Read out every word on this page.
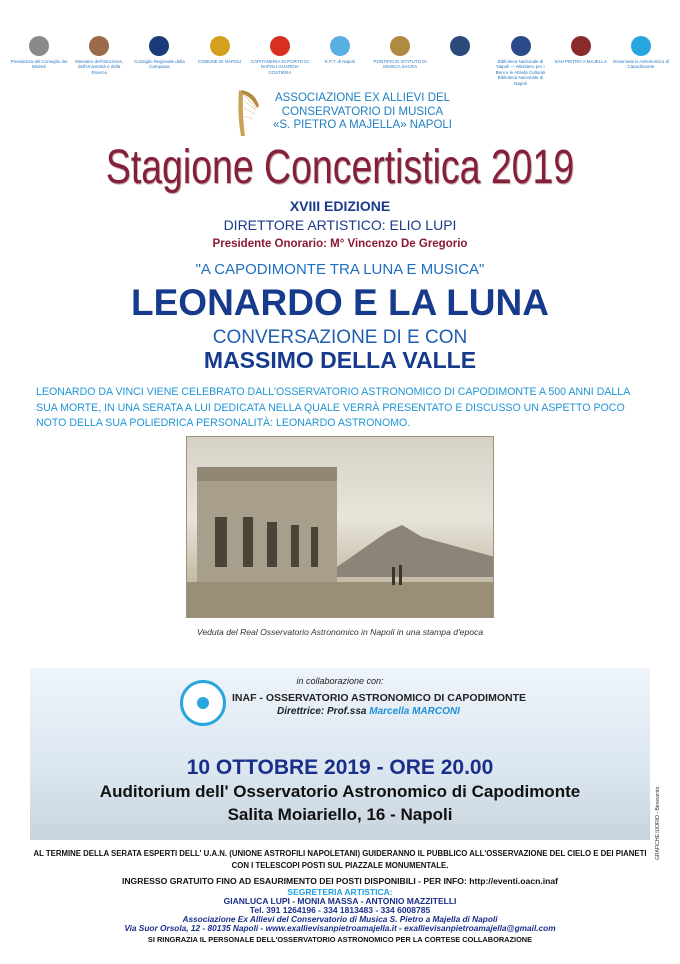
Presidenza del Consiglio dei Ministri
Ministero dell'Istruzione, dell'Università e della Ricerca
Consiglio Regionale della Campania
COMUNE DI NAPOLI CAPITANERIA DI PORTO DI NAPOLI GUARDIA COSTIERA
E.P.T. di Napoli	PONTIFICIO ISTITUTO DI MUSICA SACRA
Biblioteca Nazionale di Napoli — Ministero per i Beni e le Attività Culturali Biblioteca Nazionale di Napoli
SAN PIETRO A MAJELLA Osservatorio Astronomico di Capodimonte
ASSOCIAZIONE EX ALLIEVI DEL
CONSERVATORIO DI MUSICA
«S. PIETRO A MAJELLA» NAPOLI
Stagione Concertistica 2019
XVIII EDIZIONE
DIRETTORE ARTISTICO: ELIO LUPI
Presidente Onorario: M° Vincenzo De Gregorio
"A CAPODIMONTE TRA LUNA E MUSICA"
LEONARDO E LA LUNA
CONVERSAZIONE DI E CON
MASSIMO DELLA VALLE
LEONARDO DA VINCI VIENE CELEBRATO DALL'OSSERVATORIO ASTRONOMICO DI CAPODIMONTE A 500 ANNI DALLA SUA MORTE, IN UNA SERATA A LUI DEDICATA NELLA QUALE VERRÀ PRESENTATO E DISCUSSO UN ASPETTO POCO NOTO DELLA SUA POLIEDRICA PERSONALITÀ: LEONARDO ASTRONOMO.
Veduta del Real Osservatorio Astronomico in Napoli in una stampa d'epoca
in collaborazione con:
INAF - OSSERVATORIO ASTRONOMICO DI CAPODIMONTE
Direttrice: Prof.ssa Marcella MARCONI
10 OTTOBRE 2019 - ORE 20.00
Auditorium dell' Osservatorio Astronomico di Capodimonte
Salita Moiariello, 16 - Napoli	GRAFICHE IUORIO - Benevento
AL TERMINE DELLA SERATA ESPERTI DELL' U.A.N. (UNIONE ASTROFILI NAPOLETANI) GUIDERANNO IL PUBBLICO ALL'OSSERVAZIONE DEL CIELO E DEI PIANETI
CON I TELESCOPI POSTI SUL PIAZZALE MONUMENTALE.
INGRESSO GRATUITO FINO AD ESAURIMENTO DEI POSTI DISPONIBILI - PER INFO: http://eventi.oacn.inaf
SEGRETERIA ARTISTICA:
GIANLUCA LUPI - MONIA MASSA - ANTONIO MAZZITELLI
Tel. 391 1264196 - 334 1813483 - 334 6008785
Associazione Ex Allievi del Conservatorio di Musica S. Pietro a Majella di Napoli
Via Suor Orsola, 12 - 80135 Napoli - www.exallievisanpietroamajella.it - exallievisanpietroamajella@gmail.com
SI RINGRAZIA IL PERSONALE DELL'OSSERVATORIO ASTRONOMICO PER LA CORTESE COLLABORAZIONE
